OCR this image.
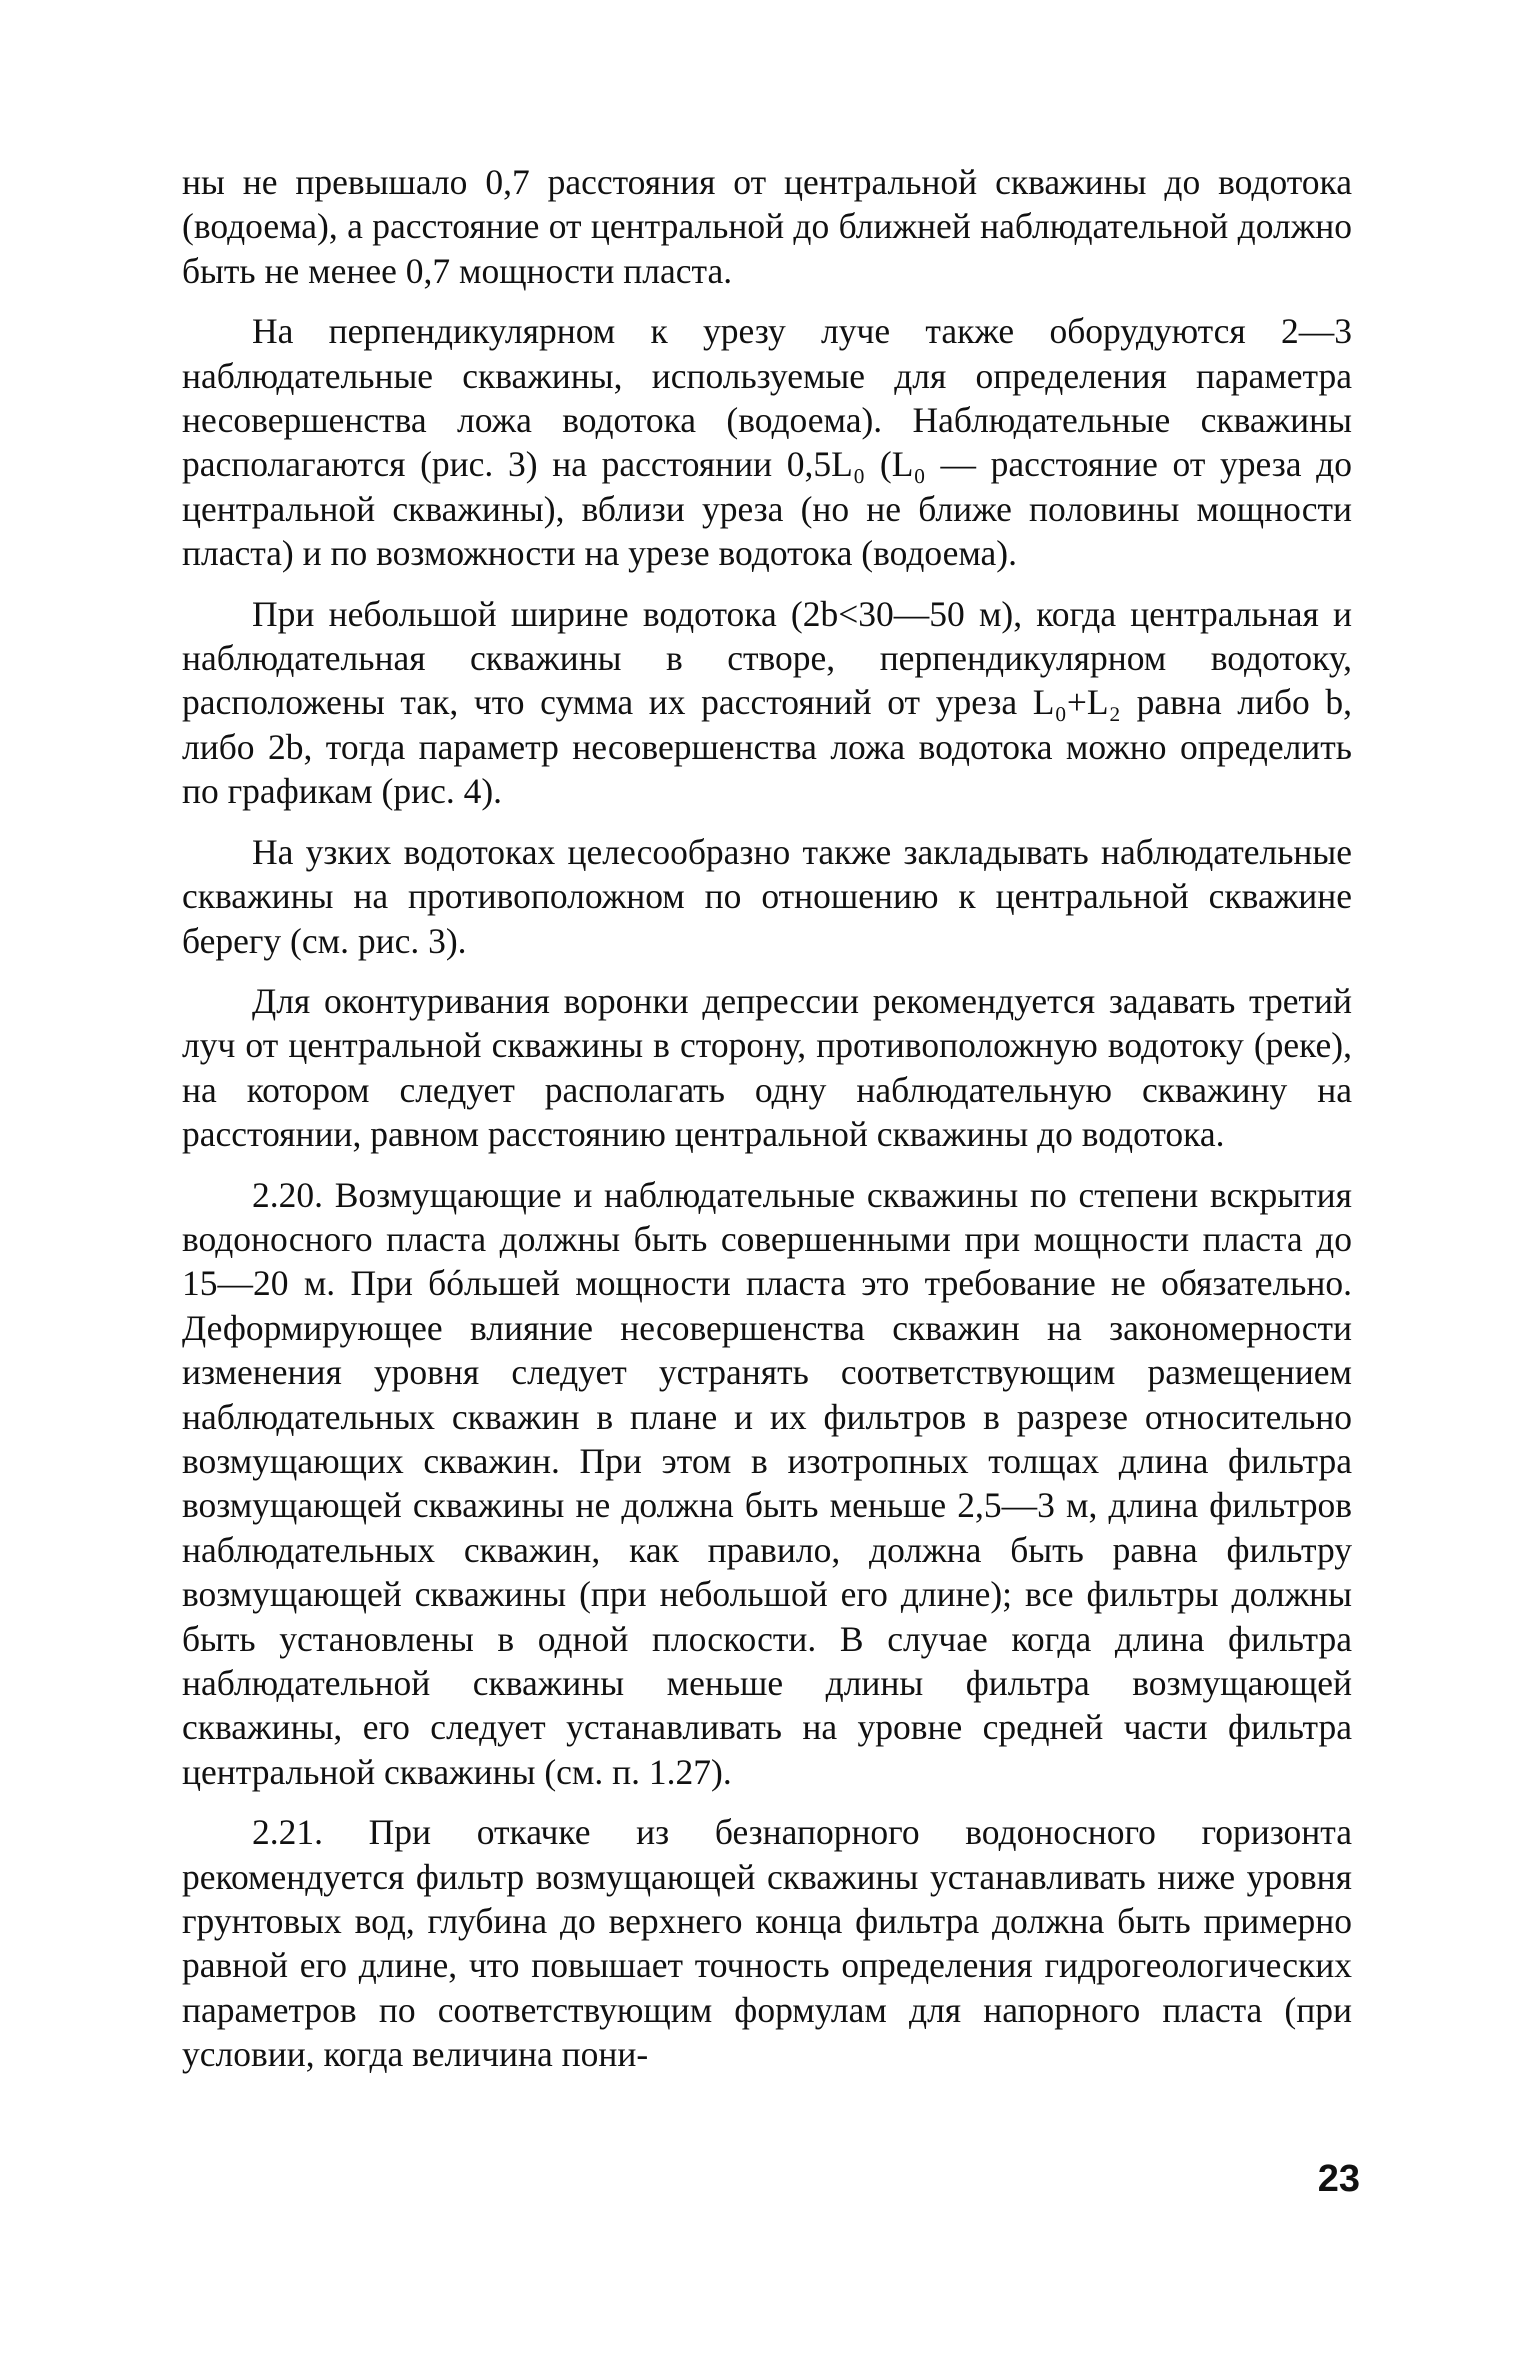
ны не превышало 0,7 расстояния от центральной скважины до водотока (водоема), а расстояние от центральной до ближней наблюдательной должно быть не менее 0,7 мощности пласта.

На перпендикулярном к урезу луче также оборудуются 2—3 наблюдательные скважины, используемые для определения параметра несовершенства ложа водотока (водоема). Наблюдательные скважины располагаются (рис. 3) на расстоянии 0,5L₀ (L₀ — расстояние от уреза до центральной скважины), вблизи уреза (но не ближе половины мощности пласта) и по возможности на урезе водотока (водоема).

При небольшой ширине водотока (2b<30—50 м), когда центральная и наблюдательная скважины в створе, перпендикулярном водотоку, расположены так, что сумма их расстояний от уреза L₀+L₂ равна либо b, либо 2b, тогда параметр несовершенства ложа водотока можно определить по графикам (рис. 4).

На узких водотоках целесообразно также закладывать наблюдательные скважины на противоположном по отношению к центральной скважине берегу (см. рис. 3).

Для оконтуривания воронки депрессии рекомендуется задавать третий луч от центральной скважины в сторону, противоположную водотоку (реке), на котором следует располагать одну наблюдательную скважину на расстоянии, равном расстоянию центральной скважины до водотока.

2.20. Возмущающие и наблюдательные скважины по степени вскрытия водоносного пласта должны быть совершенными при мощности пласта до 15—20 м. При бóльшей мощности пласта это требование не обязательно. Деформирующее влияние несовершенства скважин на закономерности изменения уровня следует устранять соответствующим размещением наблюдательных скважин в плане и их фильтров в разрезе относительно возмущающих скважин. При этом в изотропных толщах длина фильтра возмущающей скважины не должна быть меньше 2,5—3 м, длина фильтров наблюдательных скважин, как правило, должна быть равна фильтру возмущающей скважины (при небольшой его длине); все фильтры должны быть установлены в одной плоскости. В случае когда длина фильтра наблюдательной скважины меньше длины фильтра возмущающей скважины, его следует устанавливать на уровне средней части фильтра центральной скважины (см. п. 1.27).

2.21. При откачке из безнапорного водоносного горизонта рекомендуется фильтр возмущающей скважины устанавливать ниже уровня грунтовых вод, глубина до верхнего конца фильтра должна быть примерно равной его длине, что повышает точность определения гидрогеологических параметров по соответствующим формулам для напорного пласта (при условии, когда величина пони-

23
